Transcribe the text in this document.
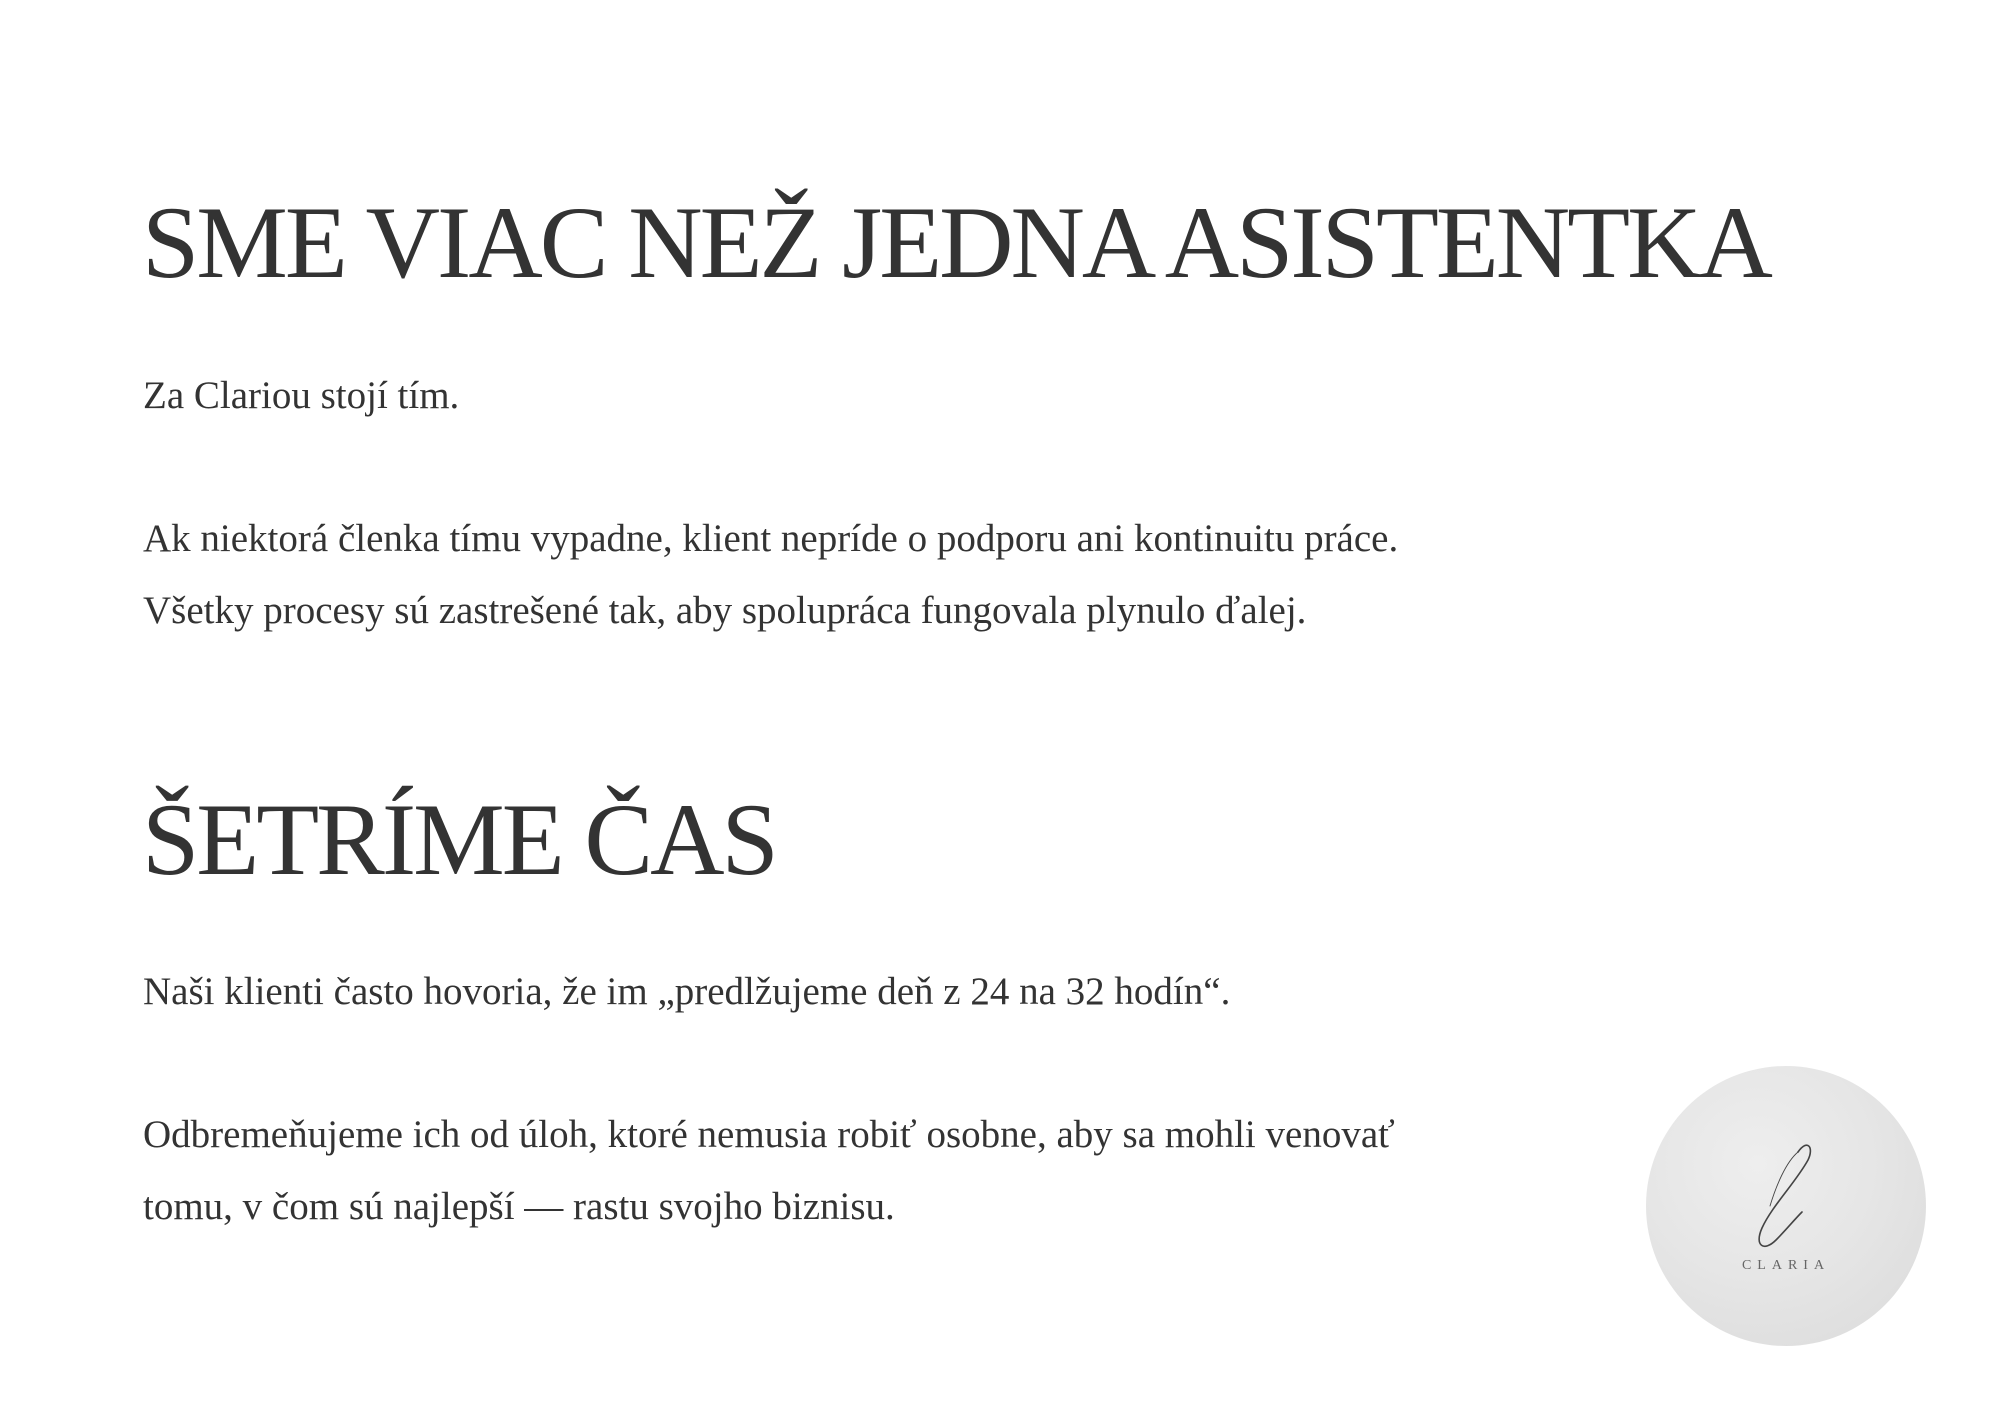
SME VIAC NEŽ JEDNA ASISTENTKA

Za Clariou stojí tím.

Ak niektorá členka tímu vypadne, klient nepríde o podporu ani kontinuitu práce.
Všetky procesy sú zastrešené tak, aby spolupráca fungovala plynulo ďalej.

ŠETRÍME ČAS

Naši klienti často hovoria, že im „predlžujeme deň z 24 na 32 hodín“.

Odbremeňujeme ich od úloh, ktoré nemusia robiť osobne, aby sa mohli venovať
tomu, v čom sú najlepší — rastu svojho biznisu.

CLARIA
